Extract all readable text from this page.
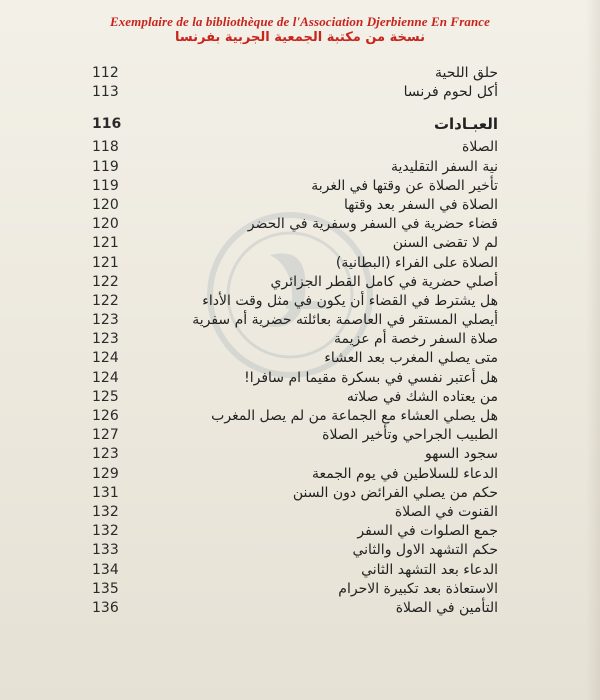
Exemplaire de la bibliothèque de l'Association Djerbienne En France
نسخة من مكتبة الجمعية الجربية بفرنسا
حلق اللحية
112
أكل لحوم فرنسا
113
العبـادات
116
الصلاة
118
نية السفر التقليدية
119
تأخير الصلاة عن وقتها في الغربة
119
الصلاة في السفر بعد وقتها
120
قضاء حضرية في السفر وسفرية في الحضر
120
لم لا تقضى السنن
121
الصلاة على الفراء (البطانية)
121
أصلي حضرية في كامل القطر الجزائري
122
هل يشترط في القضاء أن يكون في مثل وقت الأداء
122
أيصلي المستقر في العاصمة بعائلته حضرية أم سفرية
123
صلاة السفر رخصة أم عزيمة
123
متى يصلي المغرب بعد العشاء
124
هل أعتبر نفسي في بسكرة مقيما ام سافرا!
124
من يعتاده الشك في صلاته
125
هل يصلي العشاء مع الجماعة من لم يصل المغرب
126
الطبيب الجراحي وتأخير الصلاة
127
سجود السهو
123
الدعاء للسلاطين في يوم الجمعة
129
حكم من يصلي الفرائض دون السنن
131
القنوت في الصلاة
132
جمع الصلوات في السفر
132
حكم التشهد الاول والثاني
133
الدعاء بعد التشهد الثاني
134
الاستعاذة بعد تكبيرة الاحرام
135
التأمين في الصلاة
136
